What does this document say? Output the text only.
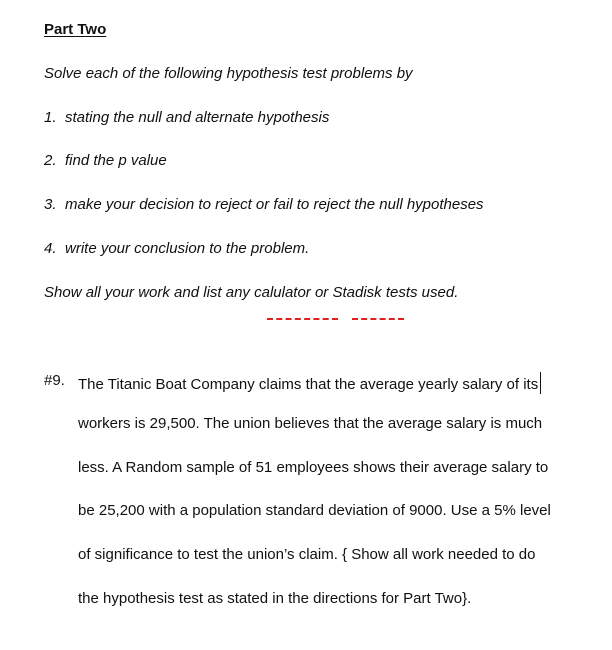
Part Two
Solve each of the following hypothesis test problems by
1. stating the null and alternate hypothesis
2. find the p value
3. make your decision to reject or fail to reject the null hypotheses
4. write your conclusion to the problem.
Show all your work and list any calulator or Stadisk tests used.
#9. The Titanic Boat Company claims that the average yearly salary of its
workers is 29,500. The union believes that the average salary is much
less. A Random sample of 51 employees shows their average salary to
be 25,200 with a population standard deviation of 9000. Use a 5% level
of significance to test the union’s claim. { Show all work needed to do
the hypothesis test as stated in the directions for Part Two}.
